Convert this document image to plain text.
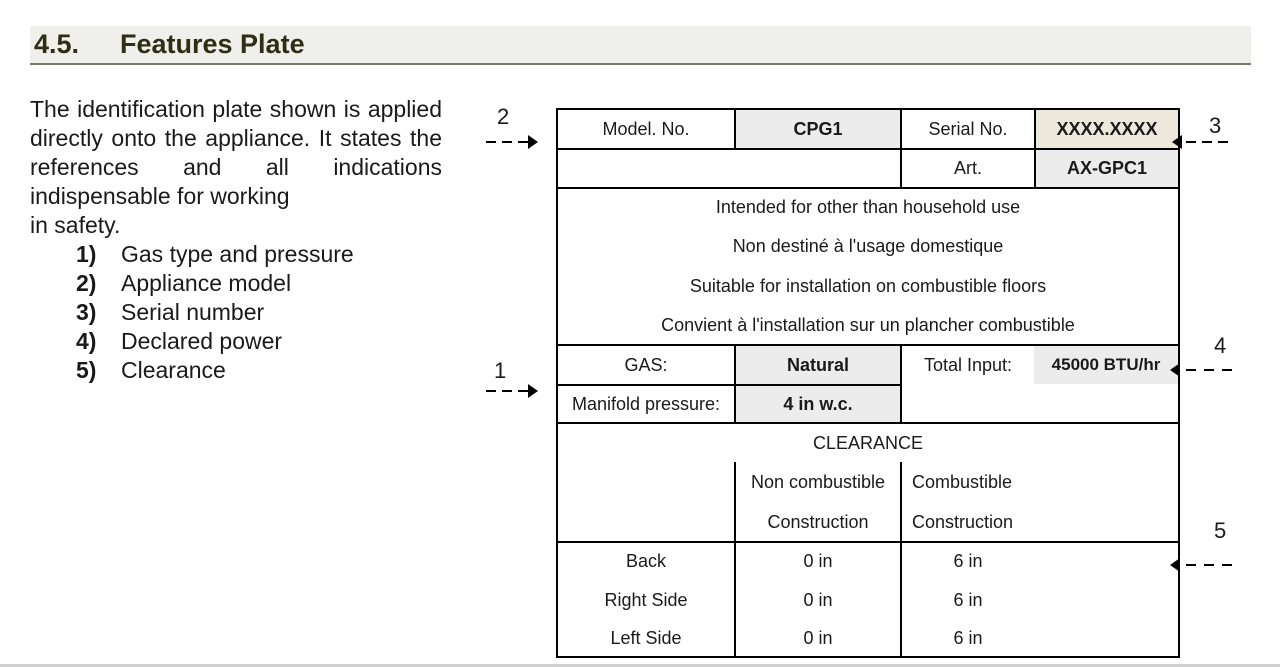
4.5. Features Plate
The identification plate shown is applied directly onto the appliance. It states the references and all indications indispensable for working
in safety.
1)	Gas type and pressure
2)	Appliance model
3)	Serial number
4)	Declared power
5)	Clearance
Model. No.	CPG1	Serial No.	XXXX.XXXX
Art.	AX-GPC1
Intended for other than household use
Non destiné à l'usage domestique
Suitable for installation on combustible floors
Convient à l'installation sur un plancher combustible
GAS:	Natural	Total Input:	45000 BTU/hr
Manifold pressure:	4 in w.c.
CLEARANCE
Non combustible
Construction
Combustible
Construction
Back	0 in	6 in
Right Side	0 in	6 in
Left Side	0 in	6 in
2	3
1
4
5
